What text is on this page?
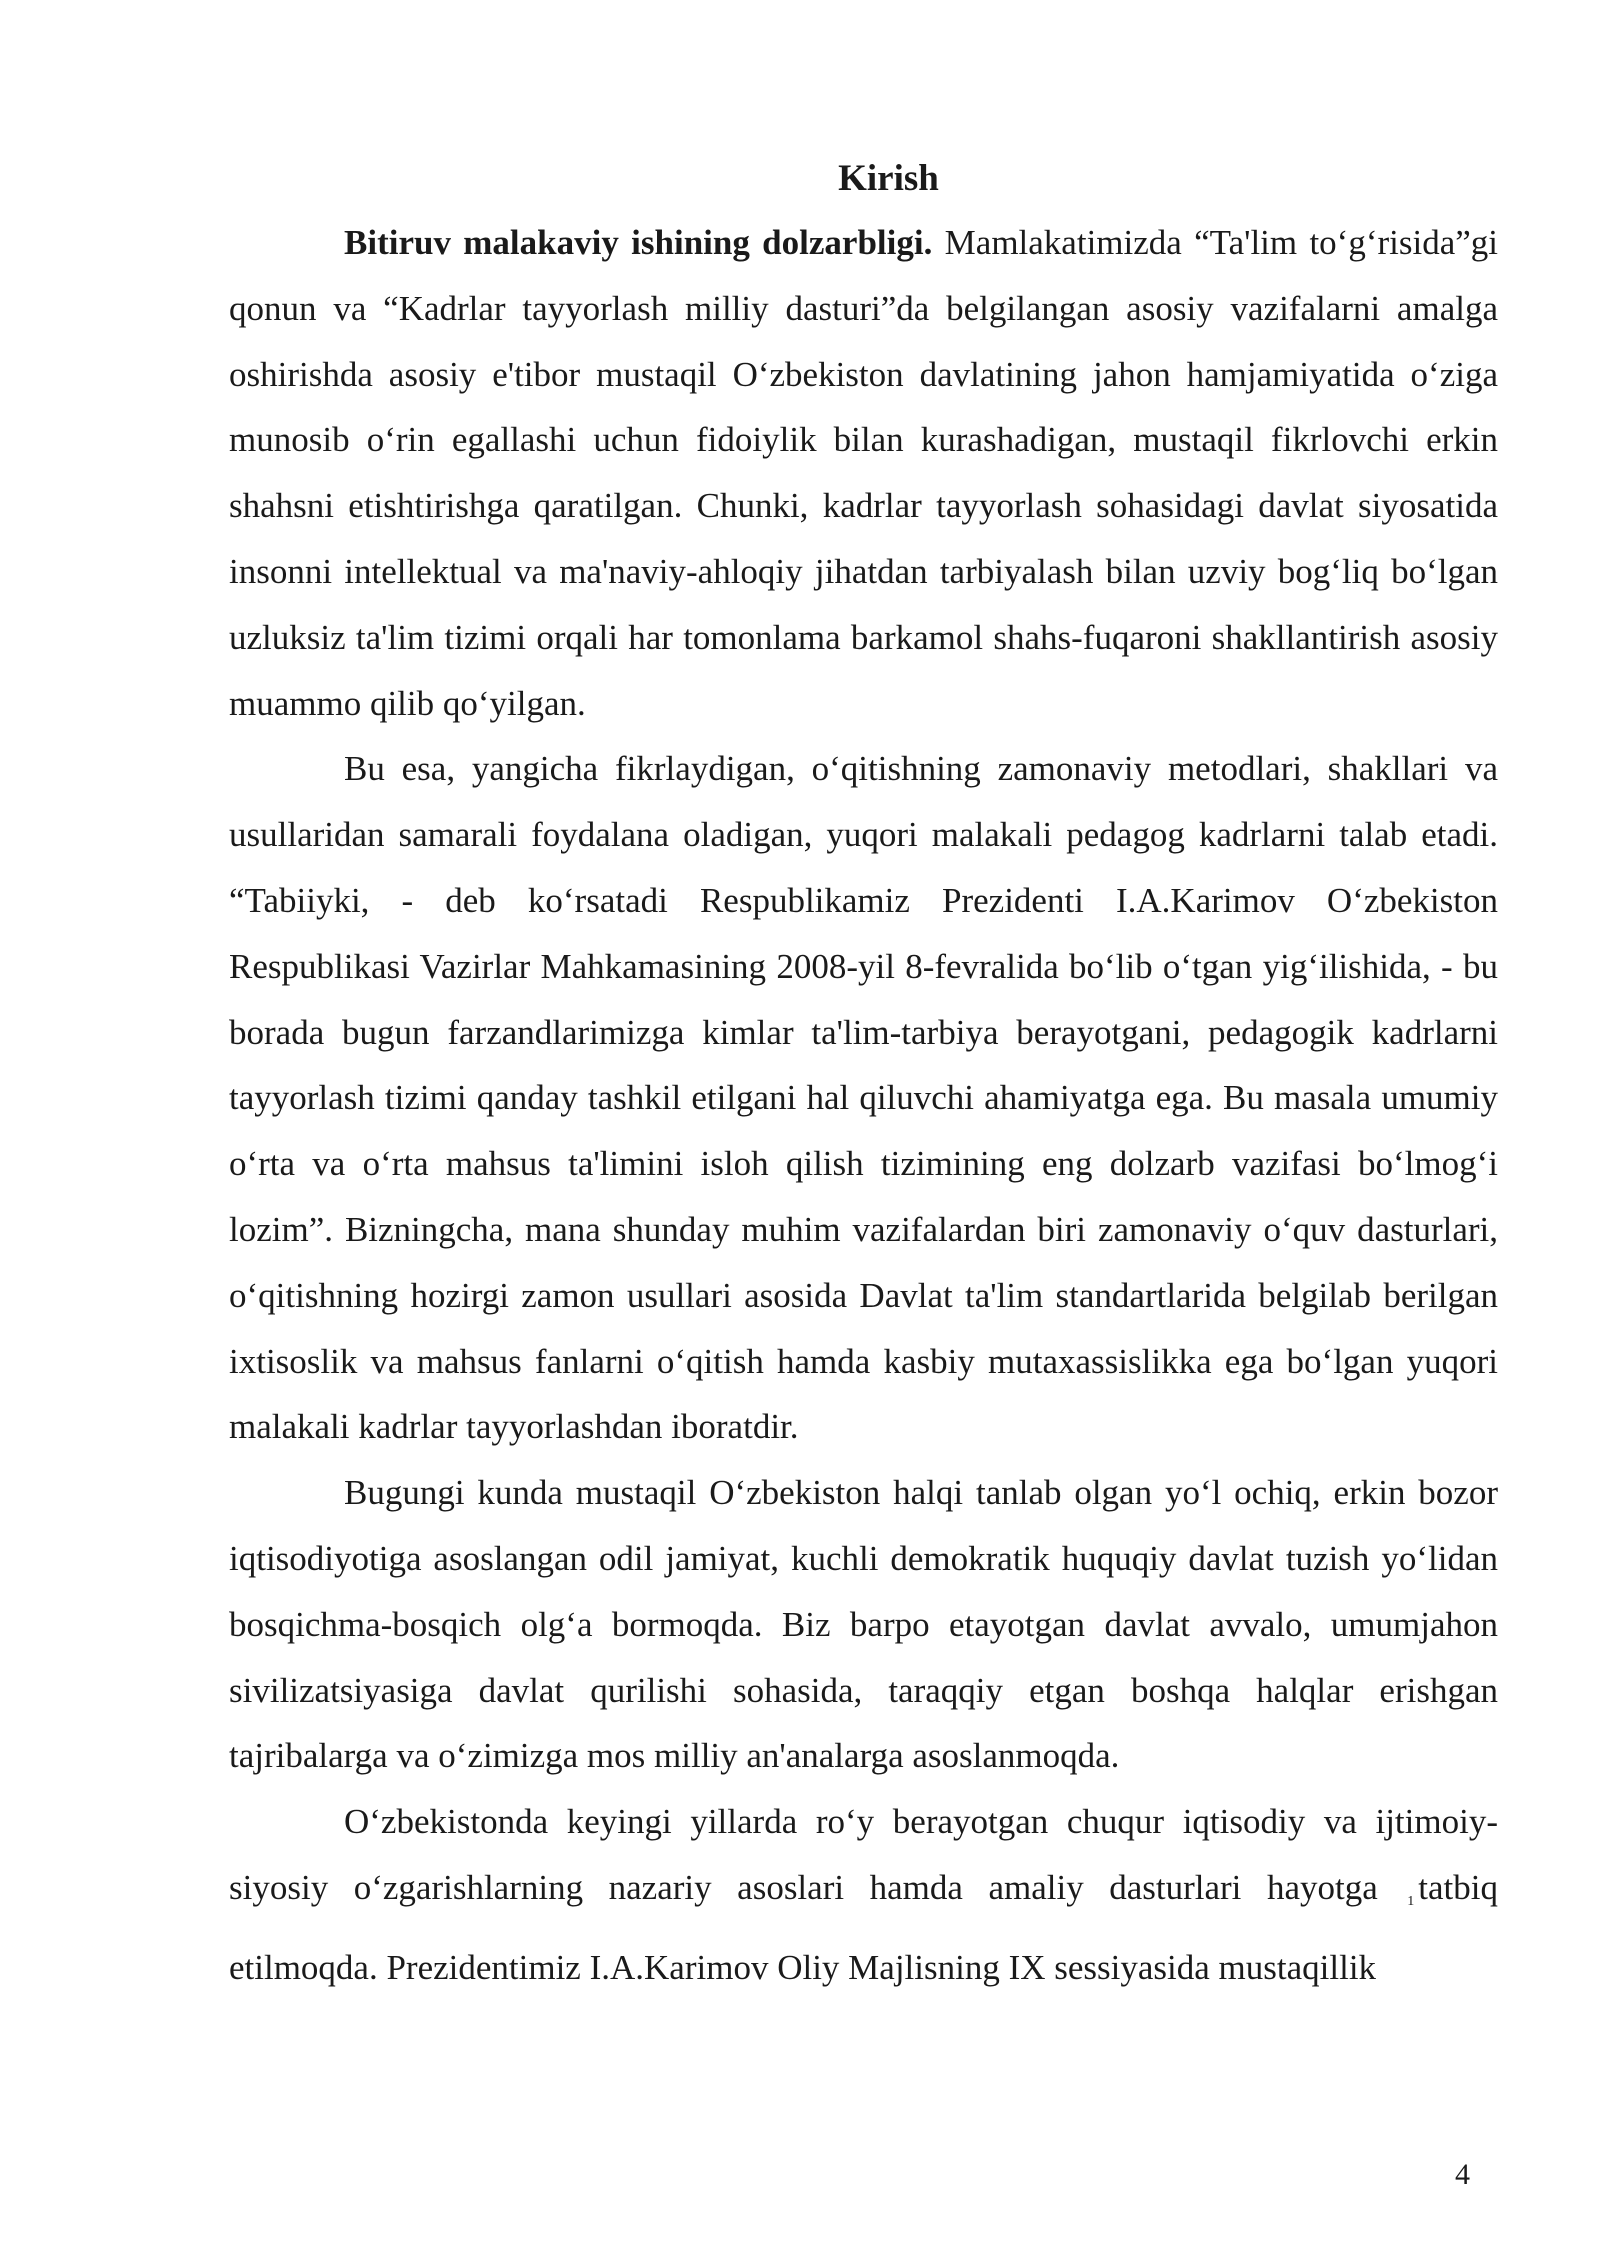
Kirish

Bitiruv malakaviy ishining dolzarbligi. Mamlakatimizda “Ta'lim to‘g‘risida”gi qonun va “Kadrlar tayyorlash milliy dasturi”da belgilangan asosiy vazifalarni amalga oshirishda asosiy e'tibor mustaqil O‘zbekiston davlatining jahon hamjamiyatida o‘ziga munosib o‘rin egallashi uchun fidoiylik bilan kurashadigan, mustaqil fikrlovchi erkin shahsni etishtirishga qaratilgan. Chunki, kadrlar tayyorlash sohasidagi davlat siyosatida insonni intellektual va ma'naviy-ahloqiy jihatdan tarbiyalash bilan uzviy bog‘liq bo‘lgan uzluksiz ta'lim tizimi orqali har tomonlama barkamol shahs-fuqaroni shakllantirish asosiy muammo qilib qo‘yilgan.

Bu esa, yangicha fikrlaydigan, o‘qitishning zamonaviy metodlari, shakllari va usullaridan samarali foydalana oladigan, yuqori malakali pedagog kadrlarni talab etadi. “Tabiiyki, - deb ko‘rsatadi Respublikamiz Prezidenti I.A.Karimov O‘zbekiston Respublikasi Vazirlar Mahkamasining 2008-yil 8-fevralida bo‘lib o‘tgan yig‘ilishida, - bu borada bugun farzandlarimizga kimlar ta'lim-tarbiya berayotgani, pedagogik kadrlarni tayyorlash tizimi qanday tashkil etilgani hal qiluvchi ahamiyatga ega. Bu masala umumiy o‘rta va o‘rta mahsus ta'limini isloh qilish tizimining eng dolzarb vazifasi bo‘lmog‘i lozim”. Bizningcha, mana shunday muhim vazifalardan biri zamonaviy o‘quv dasturlari, o‘qitishning hozirgi zamon usullari asosida Davlat ta'lim standartlarida belgilab berilgan ixtisoslik va mahsus fanlarni o‘qitish hamda kasbiy mutaxassislikka ega bo‘lgan yuqori malakali kadrlar tayyorlashdan iboratdir.

Bugungi kunda mustaqil O‘zbekiston halqi tanlab olgan yo‘l ochiq, erkin bozor iqtisodiyotiga asoslangan odil jamiyat, kuchli demokratik huquqiy davlat tuzish yo‘lidan bosqichma-bosqich olg‘a bormoqda. Biz barpo etayotgan davlat avvalo, umumjahon sivilizatsiyasiga davlat qurilishi sohasida, taraqqiy etgan boshqa halqlar erishgan tajribalarga va o‘zimizga mos milliy an'analarga asoslanmoqda.

O‘zbekistonda keyingi yillarda ro‘y berayotgan chuqur iqtisodiy va ijtimoiy-siyosiy o‘zgarishlarning nazariy asoslari hamda amaliy dasturlari hayotga $_1$ tatbiq etilmoqda. Prezidentimiz I.A.Karimov Oliy Majlisning IX sessiyasida mustaqillik

4
